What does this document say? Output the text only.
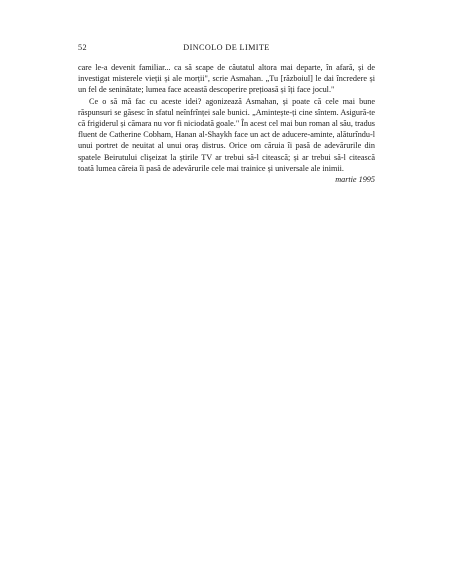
52	DINCOLO DE LIMITE

care le-a devenit familiar... ca să scape de căutatul altora mai departe, în afară, și de investigat misterele vieții și ale morții", scrie Asmahan. „Tu [războiul] le dai încredere și un fel de seninătate; lumea face această descoperire prețioasă și îți face jocul."

Ce o să mă fac cu aceste idei? agonizează Asmahan, și poate că cele mai bune răspunsuri se găsesc în sfatul neînfrînței sale bunici. „Amintește-ți cine sîntem. Asigură-te că frigiderul și cămara nu vor fi niciodată goale." În acest cel mai bun roman al său, tradus fluent de Catherine Cobham, Hanan al-Shaykh face un act de aducere-aminte, alăturîndu-l unui portret de neuitat al unui oraș distrus. Orice om căruia îi pasă de adevărurile din spatele Beirutului clișeizat la știrile TV ar trebui să-l citească; și ar trebui să-l citească toată lumea căreia îi pasă de adevărurile cele mai trainice și universale ale inimii.

martie 1995
